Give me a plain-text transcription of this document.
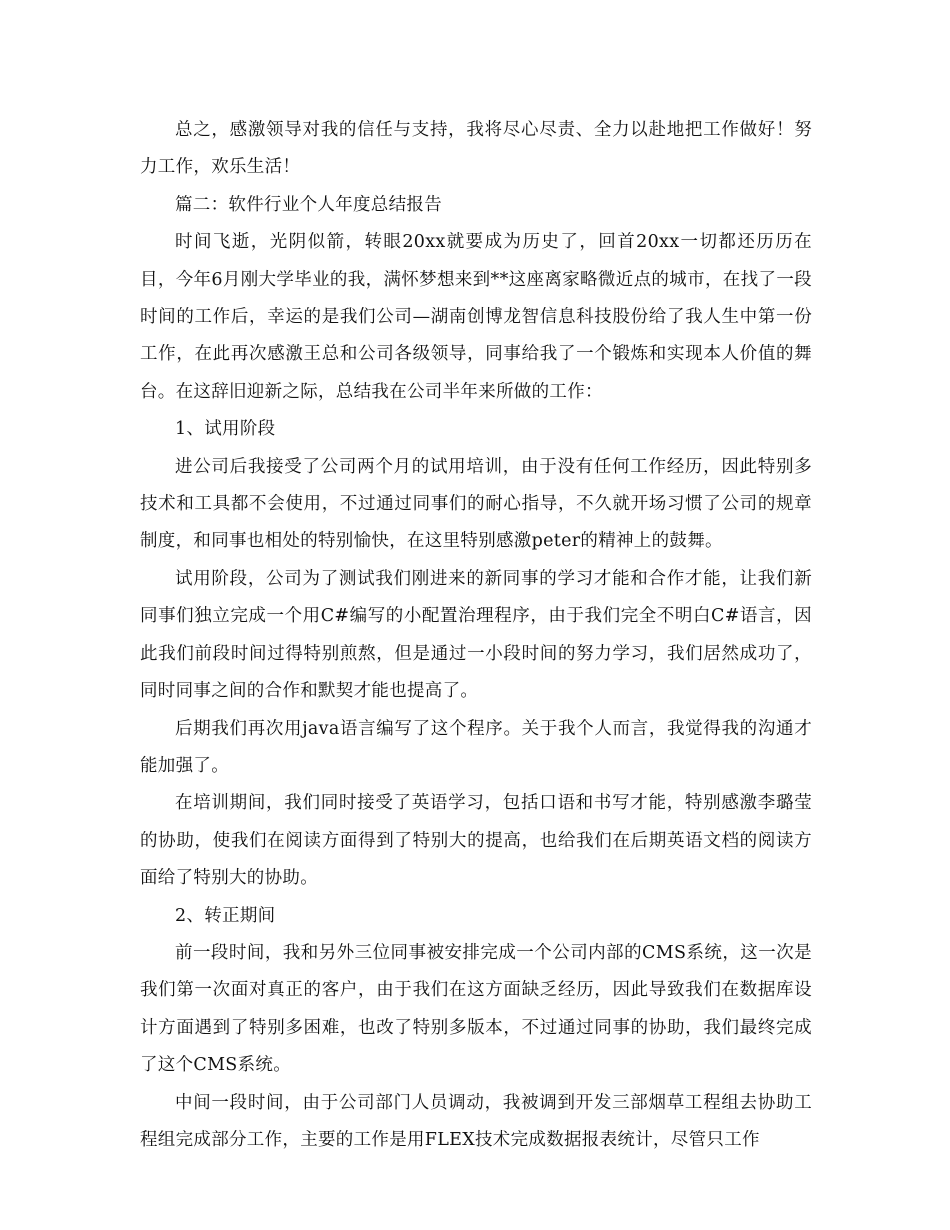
总之，感激领导对我的信任与支持，我将尽心尽责、全力以赴地把工作做好！努力工作，欢乐生活！

篇二：软件行业个人年度总结报告

时间飞逝，光阴似箭，转眼20xx就要成为历史了，回首20xx一切都还历历在目，今年6月刚大学毕业的我，满怀梦想来到**这座离家略微近点的城市，在找了一段时间的工作后，幸运的是我们公司—湖南创博龙智信息科技股份给了我人生中第一份工作，在此再次感激王总和公司各级领导，同事给我了一个锻炼和实现本人价值的舞台。在这辞旧迎新之际，总结我在公司半年来所做的工作：

1、试用阶段

进公司后我接受了公司两个月的试用培训，由于没有任何工作经历，因此特别多技术和工具都不会使用，不过通过同事们的耐心指导，不久就开场习惯了公司的规章制度，和同事也相处的特别愉快，在这里特别感激peter的精神上的鼓舞。

试用阶段，公司为了测试我们刚进来的新同事的学习才能和合作才能，让我们新同事们独立完成一个用C#编写的小配置治理程序，由于我们完全不明白C#语言，因此我们前段时间过得特别煎熬，但是通过一小段时间的努力学习，我们居然成功了，同时同事之间的合作和默契才能也提高了。

后期我们再次用java语言编写了这个程序。关于我个人而言，我觉得我的沟通才能加强了。

在培训期间，我们同时接受了英语学习，包括口语和书写才能，特别感激李璐莹的协助，使我们在阅读方面得到了特别大的提高，也给我们在后期英语文档的阅读方面给了特别大的协助。

2、转正期间

前一段时间，我和另外三位同事被安排完成一个公司内部的CMS系统，这一次是我们第一次面对真正的客户，由于我们在这方面缺乏经历，因此导致我们在数据库设计方面遇到了特别多困难，也改了特别多版本，不过通过同事的协助，我们最终完成了这个CMS系统。

中间一段时间，由于公司部门人员调动，我被调到开发三部烟草工程组去协助工程组完成部分工作，主要的工作是用FLEX技术完成数据报表统计，尽管只工作
